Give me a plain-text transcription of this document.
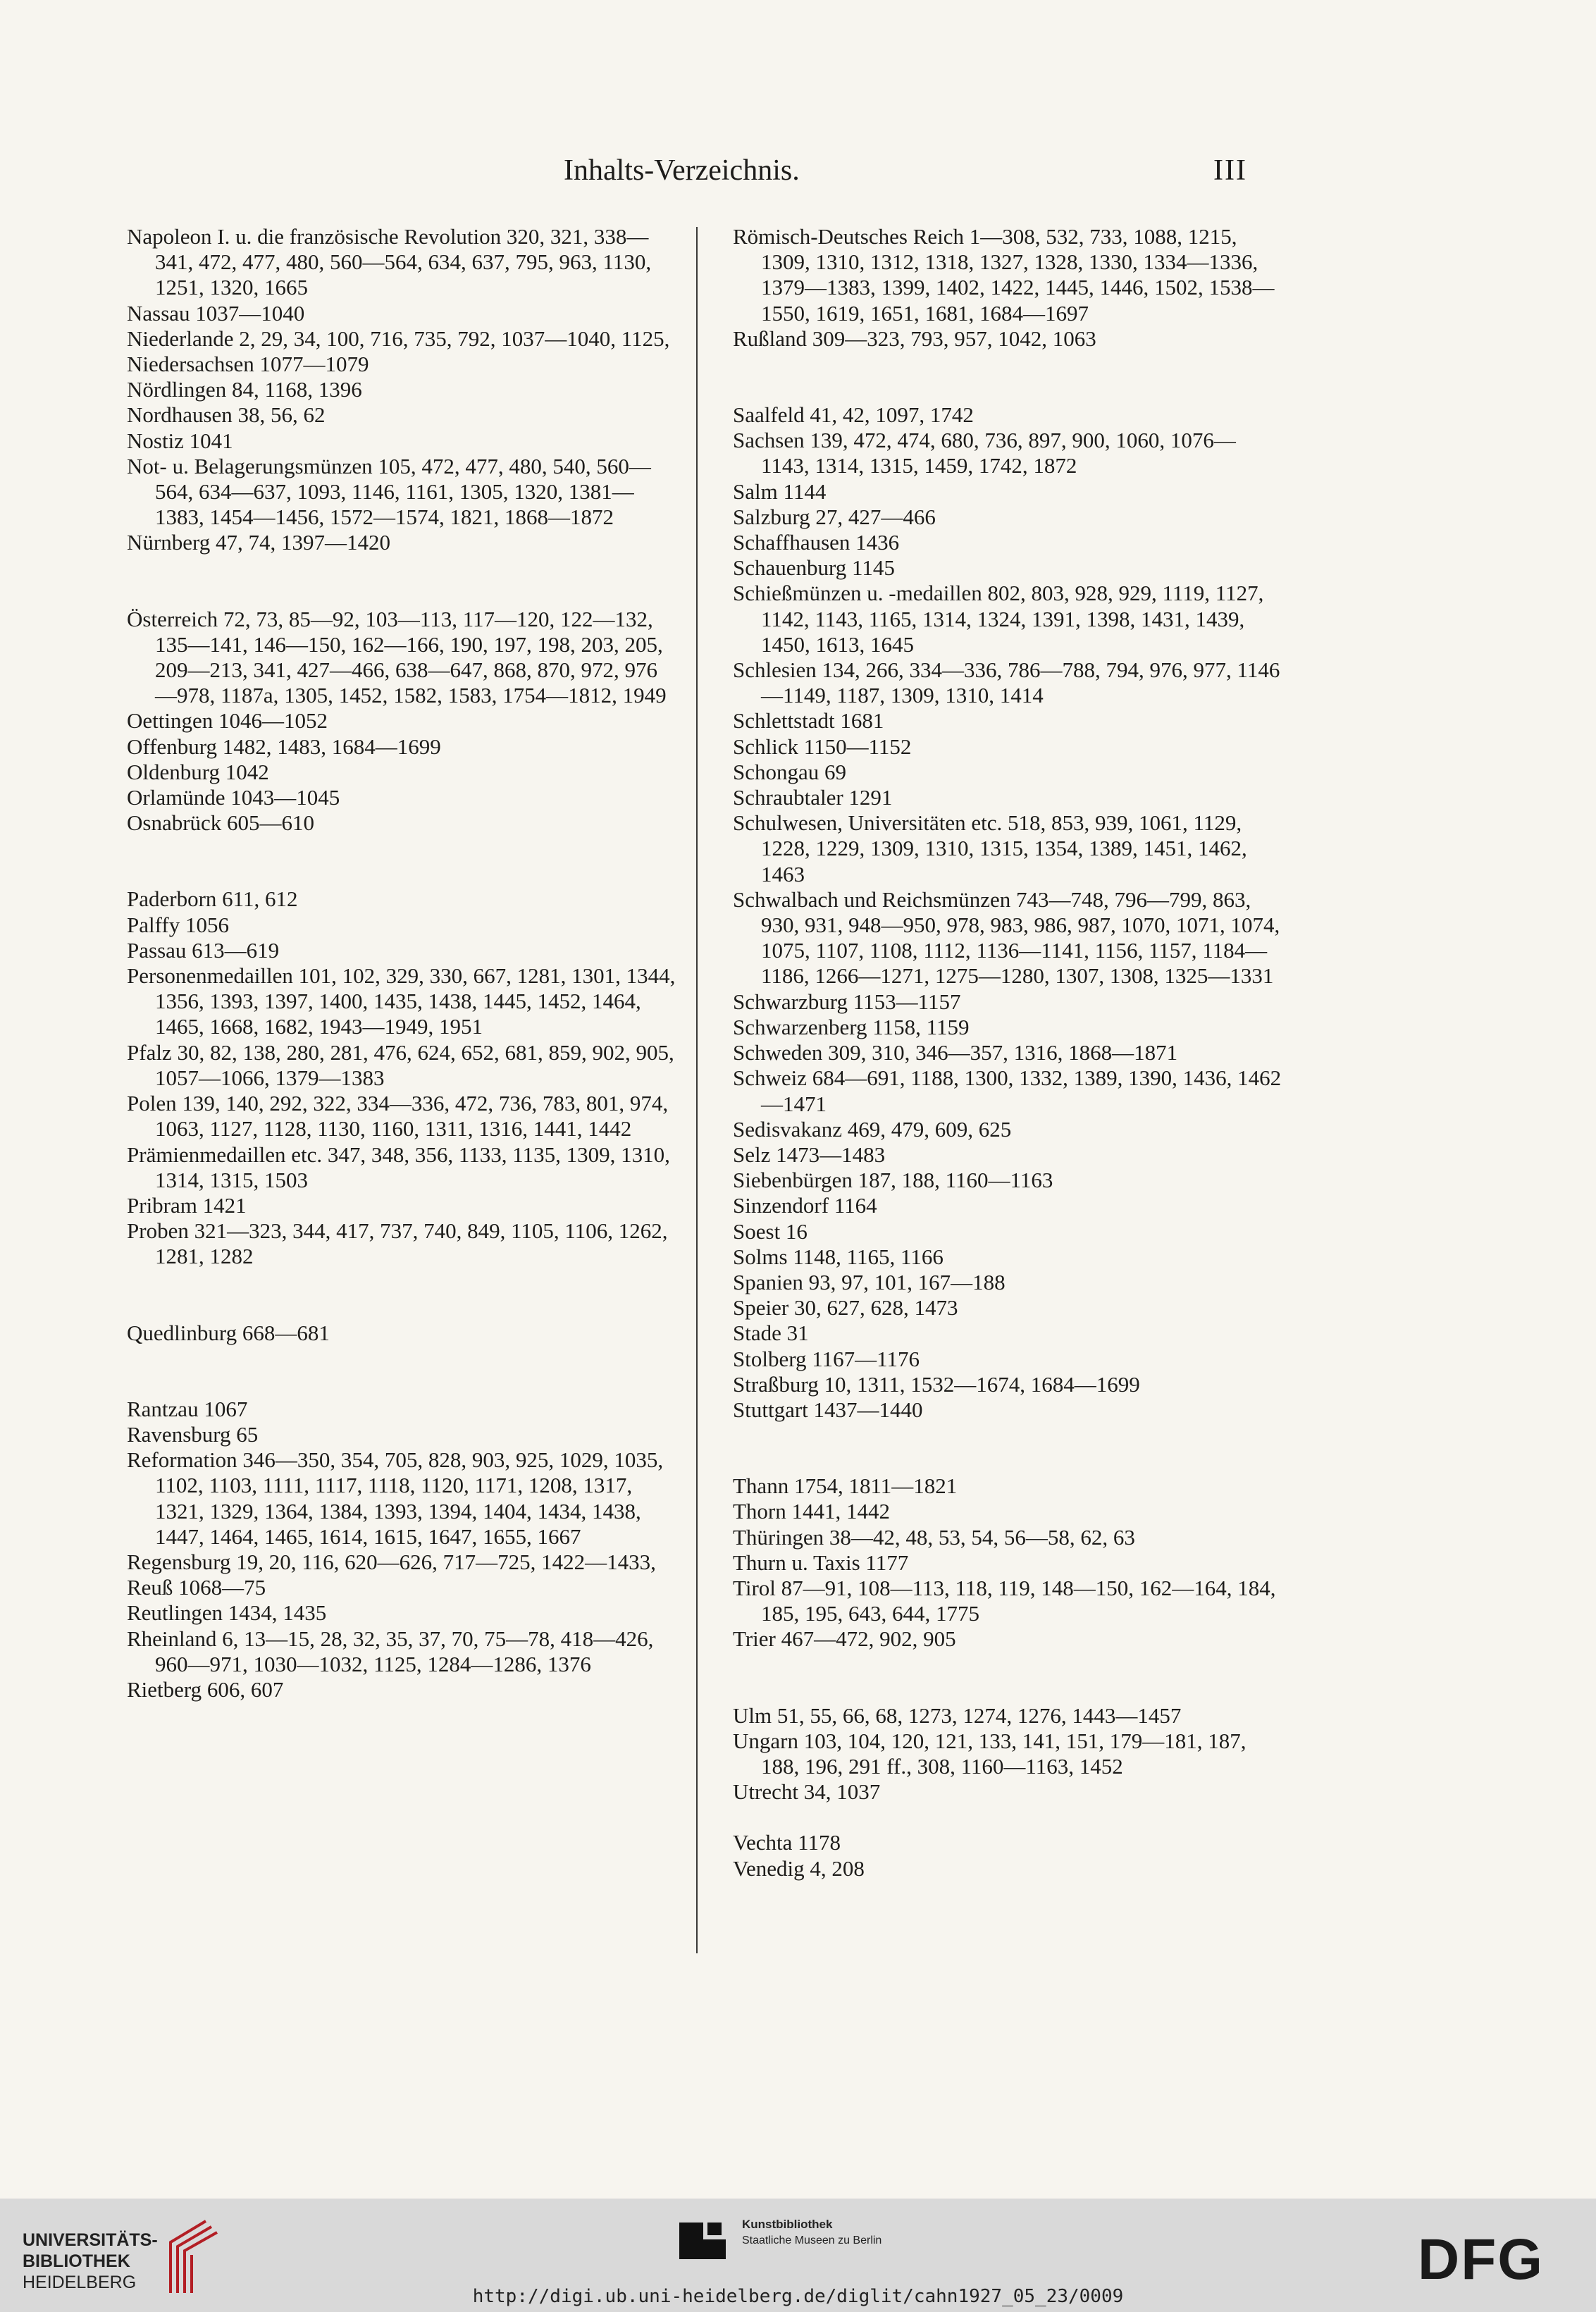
Inhalts-Verzeichnis.	III
Napoleon I. u. die französische Revolution 320, 321, 338—341, 472, 477, 480, 560—564, 634, 637, 795, 963, 1130, 1251, 1320, 1665
Nassau 1037—1040
Niederlande 2, 29, 34, 100, 716, 735, 792, 1037—1040, 1125,
Niedersachsen 1077—1079
Nördlingen 84, 1168, 1396
Nordhausen 38, 56, 62
Nostiz 1041
Not- u. Belagerungsmünzen 105, 472, 477, 480, 540, 560—564, 634—637, 1093, 1146, 1161, 1305, 1320, 1381—1383, 1454—1456, 1572—1574, 1821, 1868—1872
Nürnberg 47, 74, 1397—1420
Österreich 72, 73, 85—92, 103—113, 117—120, 122—132, 135—141, 146—150, 162—166, 190, 197, 198, 203, 205, 209—213, 341, 427—466, 638—647, 868, 870, 972, 976—978, 1187a, 1305, 1452, 1582, 1583, 1754—1812, 1949
Oettingen 1046—1052
Offenburg 1482, 1483, 1684—1699
Oldenburg 1042
Orlamünde 1043—1045
Osnabrück 605—610
Paderborn 611, 612
Palffy 1056
Passau 613—619
Personenmedaillen 101, 102, 329, 330, 667, 1281, 1301, 1344, 1356, 1393, 1397, 1400, 1435, 1438, 1445, 1452, 1464, 1465, 1668, 1682, 1943—1949, 1951
Pfalz 30, 82, 138, 280, 281, 476, 624, 652, 681, 859, 902, 905, 1057—1066, 1379—1383
Polen 139, 140, 292, 322, 334—336, 472, 736, 783, 801, 974, 1063, 1127, 1128, 1130, 1160, 1311, 1316, 1441, 1442
Prämienmedaillen etc. 347, 348, 356, 1133, 1135, 1309, 1310, 1314, 1315, 1503
Pribram 1421
Proben 321—323, 344, 417, 737, 740, 849, 1105, 1106, 1262, 1281, 1282
Quedlinburg 668—681
Rantzau 1067
Ravensburg 65
Reformation 346—350, 354, 705, 828, 903, 925, 1029, 1035, 1102, 1103, 1111, 1117, 1118, 1120, 1171, 1208, 1317, 1321, 1329, 1364, 1384, 1393, 1394, 1404, 1434, 1438, 1447, 1464, 1465, 1614, 1615, 1647, 1655, 1667
Regensburg 19, 20, 116, 620—626, 717—725, 1422—1433,
Reuß 1068—75
Reutlingen 1434, 1435
Rheinland 6, 13—15, 28, 32, 35, 37, 70, 75—78, 418—426, 960—971, 1030—1032, 1125, 1284—1286, 1376
Rietberg 606, 607
Römisch-Deutsches Reich 1—308, 532, 733, 1088, 1215, 1309, 1310, 1312, 1318, 1327, 1328, 1330, 1334—1336, 1379—1383, 1399, 1402, 1422, 1445, 1446, 1502, 1538—1550, 1619, 1651, 1681, 1684—1697
Rußland 309—323, 793, 957, 1042, 1063
Saalfeld 41, 42, 1097, 1742
Sachsen 139, 472, 474, 680, 736, 897, 900, 1060, 1076—1143, 1314, 1315, 1459, 1742, 1872
Salm 1144
Salzburg 27, 427—466
Schaffhausen 1436
Schauenburg 1145
Schießmünzen u. -medaillen 802, 803, 928, 929, 1119, 1127, 1142, 1143, 1165, 1314, 1324, 1391, 1398, 1431, 1439, 1450, 1613, 1645
Schlesien 134, 266, 334—336, 786—788, 794, 976, 977, 1146—1149, 1187, 1309, 1310, 1414
Schlettstadt 1681
Schlick 1150—1152
Schongau 69
Schraubtaler 1291
Schulwesen, Universitäten etc. 518, 853, 939, 1061, 1129, 1228, 1229, 1309, 1310, 1315, 1354, 1389, 1451, 1462, 1463
Schwalbach und Reichsmünzen 743—748, 796—799, 863, 930, 931, 948—950, 978, 983, 986, 987, 1070, 1071, 1074, 1075, 1107, 1108, 1112, 1136—1141, 1156, 1157, 1184—1186, 1266—1271, 1275—1280, 1307, 1308, 1325—1331
Schwarzburg 1153—1157
Schwarzenberg 1158, 1159
Schweden 309, 310, 346—357, 1316, 1868—1871
Schweiz 684—691, 1188, 1300, 1332, 1389, 1390, 1436, 1462—1471
Sedisvakanz 469, 479, 609, 625
Selz 1473—1483
Siebenbürgen 187, 188, 1160—1163
Sinzendorf 1164
Soest 16
Solms 1148, 1165, 1166
Spanien 93, 97, 101, 167—188
Speier 30, 627, 628, 1473
Stade 31
Stolberg 1167—1176
Straßburg 10, 1311, 1532—1674, 1684—1699
Stuttgart 1437—1440
Thann 1754, 1811—1821
Thorn 1441, 1442
Thüringen 38—42, 48, 53, 54, 56—58, 62, 63
Thurn u. Taxis 1177
Tirol 87—91, 108—113, 118, 119, 148—150, 162—164, 184, 185, 195, 643, 644, 1775
Trier 467—472, 902, 905
Ulm 51, 55, 66, 68, 1273, 1274, 1276, 1443—1457
Ungarn 103, 104, 120, 121, 133, 141, 151, 179—181, 187, 188, 196, 291 ff., 308, 1160—1163, 1452
Utrecht 34, 1037
Vechta 1178
Venedig 4, 208
UNIVERSITÄTS-
BIBLIOTHEK
HEIDELBERG
Kunstbibliothek
Staatliche Museen zu Berlin	DFG
http://digi.ub.uni-heidelberg.de/diglit/cahn1927_05_23/0009
